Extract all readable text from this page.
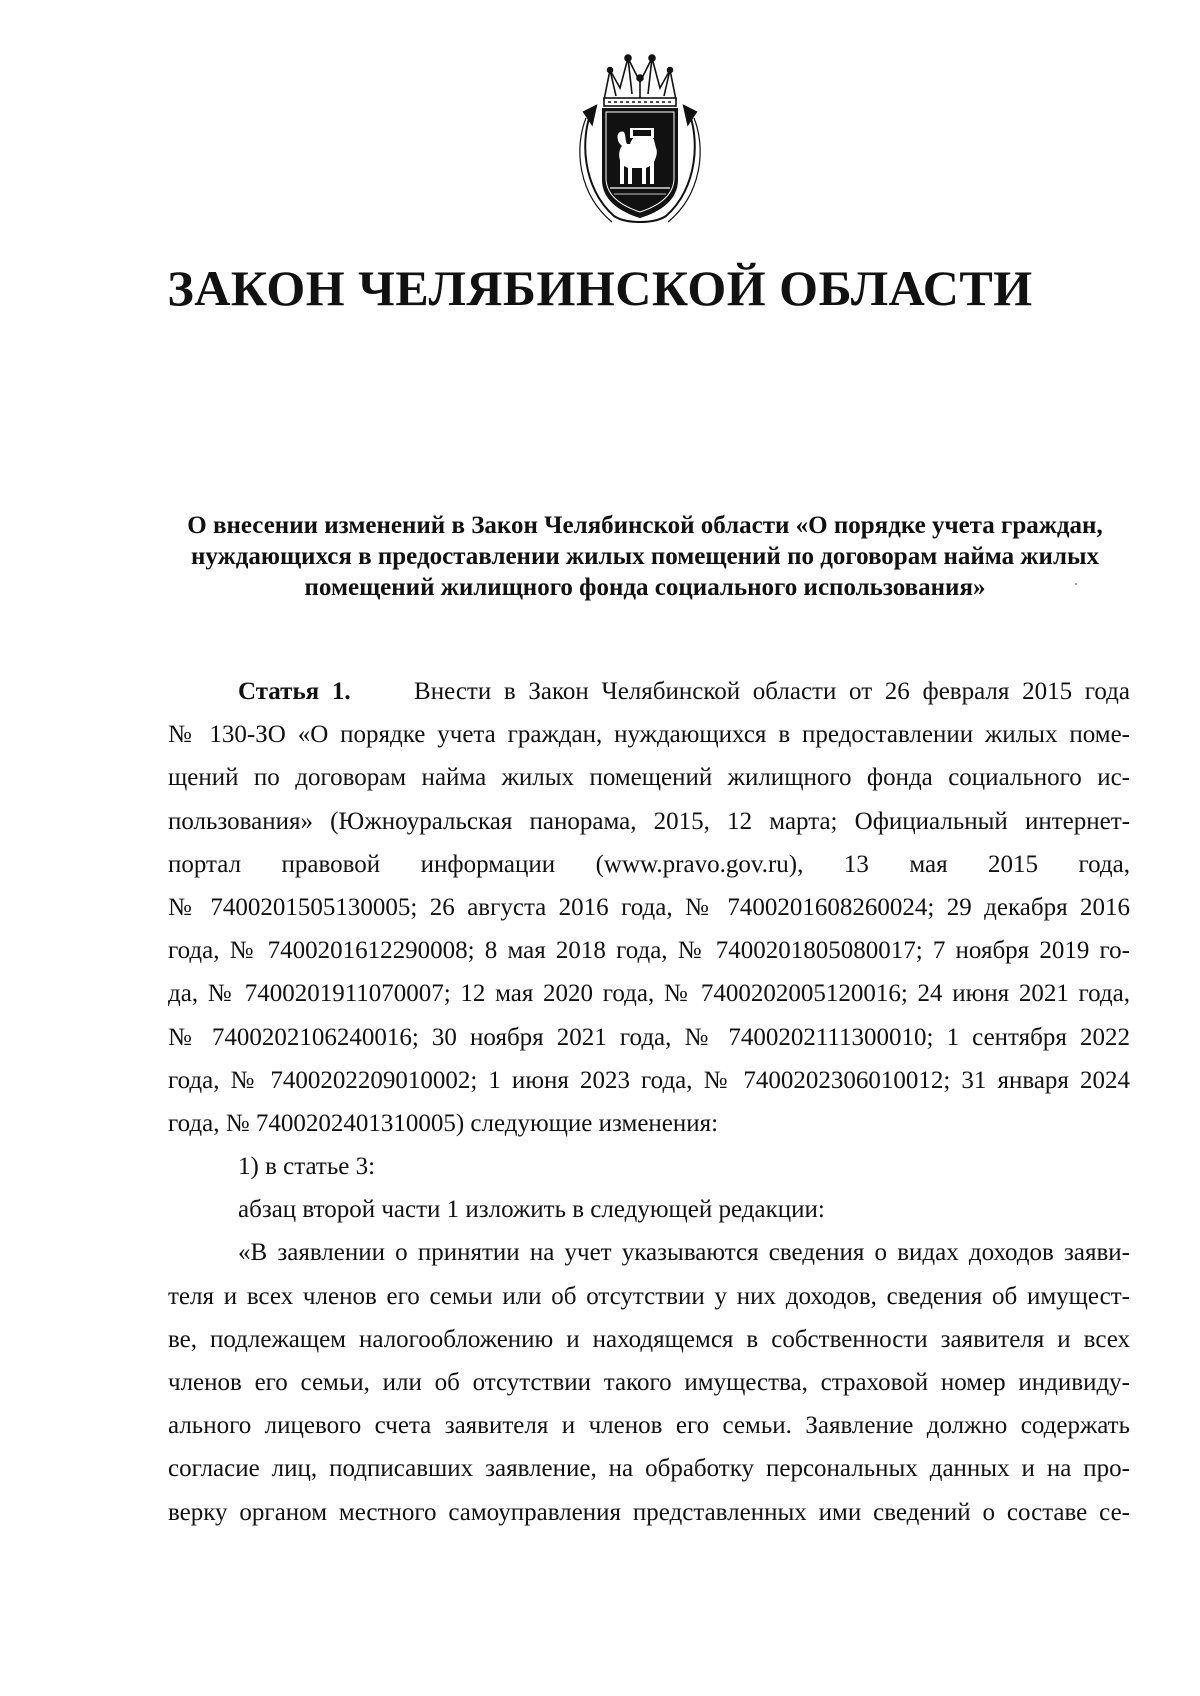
ЗАКОН ЧЕЛЯБИНСКОЙ ОБЛАСТИ
О внесении изменений в Закон Челябинской области «О порядке учета граждан,
нуждающихся в предоставлении жилых помещений по договорам найма жилых
помещений жилищного фонда социального использования»
Статья 1.	Внести в Закон Челябинской области от 26 февраля 2015 года
№ 130-ЗО «О порядке учета граждан, нуждающихся в предоставлении жилых поме-
щений по договорам найма жилых помещений жилищного фонда социального ис-
пользования» (Южноуральская панорама, 2015, 12 марта; Официальный интернет-
портал правовой информации (www.pravo.gov.ru), 13 мая 2015 года,
№ 7400201505130005; 26 августа 2016 года, № 7400201608260024; 29 декабря 2016
года, № 7400201612290008; 8 мая 2018 года, № 7400201805080017; 7 ноября 2019 го-
да, № 7400201911070007; 12 мая 2020 года, № 7400202005120016; 24 июня 2021 года,
№ 7400202106240016; 30 ноября 2021 года, № 7400202111300010; 1 сентября 2022
года, № 7400202209010002; 1 июня 2023 года, № 7400202306010012; 31 января 2024
года, № 7400202401310005) следующие изменения:
1) в статье 3:
абзац второй части 1 изложить в следующей редакции:
«В заявлении о принятии на учет указываются сведения о видах доходов заяви-
теля и всех членов его семьи или об отсутствии у них доходов, сведения об имущест-
ве, подлежащем налогообложению и находящемся в собственности заявителя и всех
членов его семьи, или об отсутствии такого имущества, страховой номер индивиду-
ального лицевого счета заявителя и членов его семьи. Заявление должно содержать
согласие лиц, подписавших заявление, на обработку персональных данных и на про-
верку органом местного самоуправления представленных ими сведений о составе се-
